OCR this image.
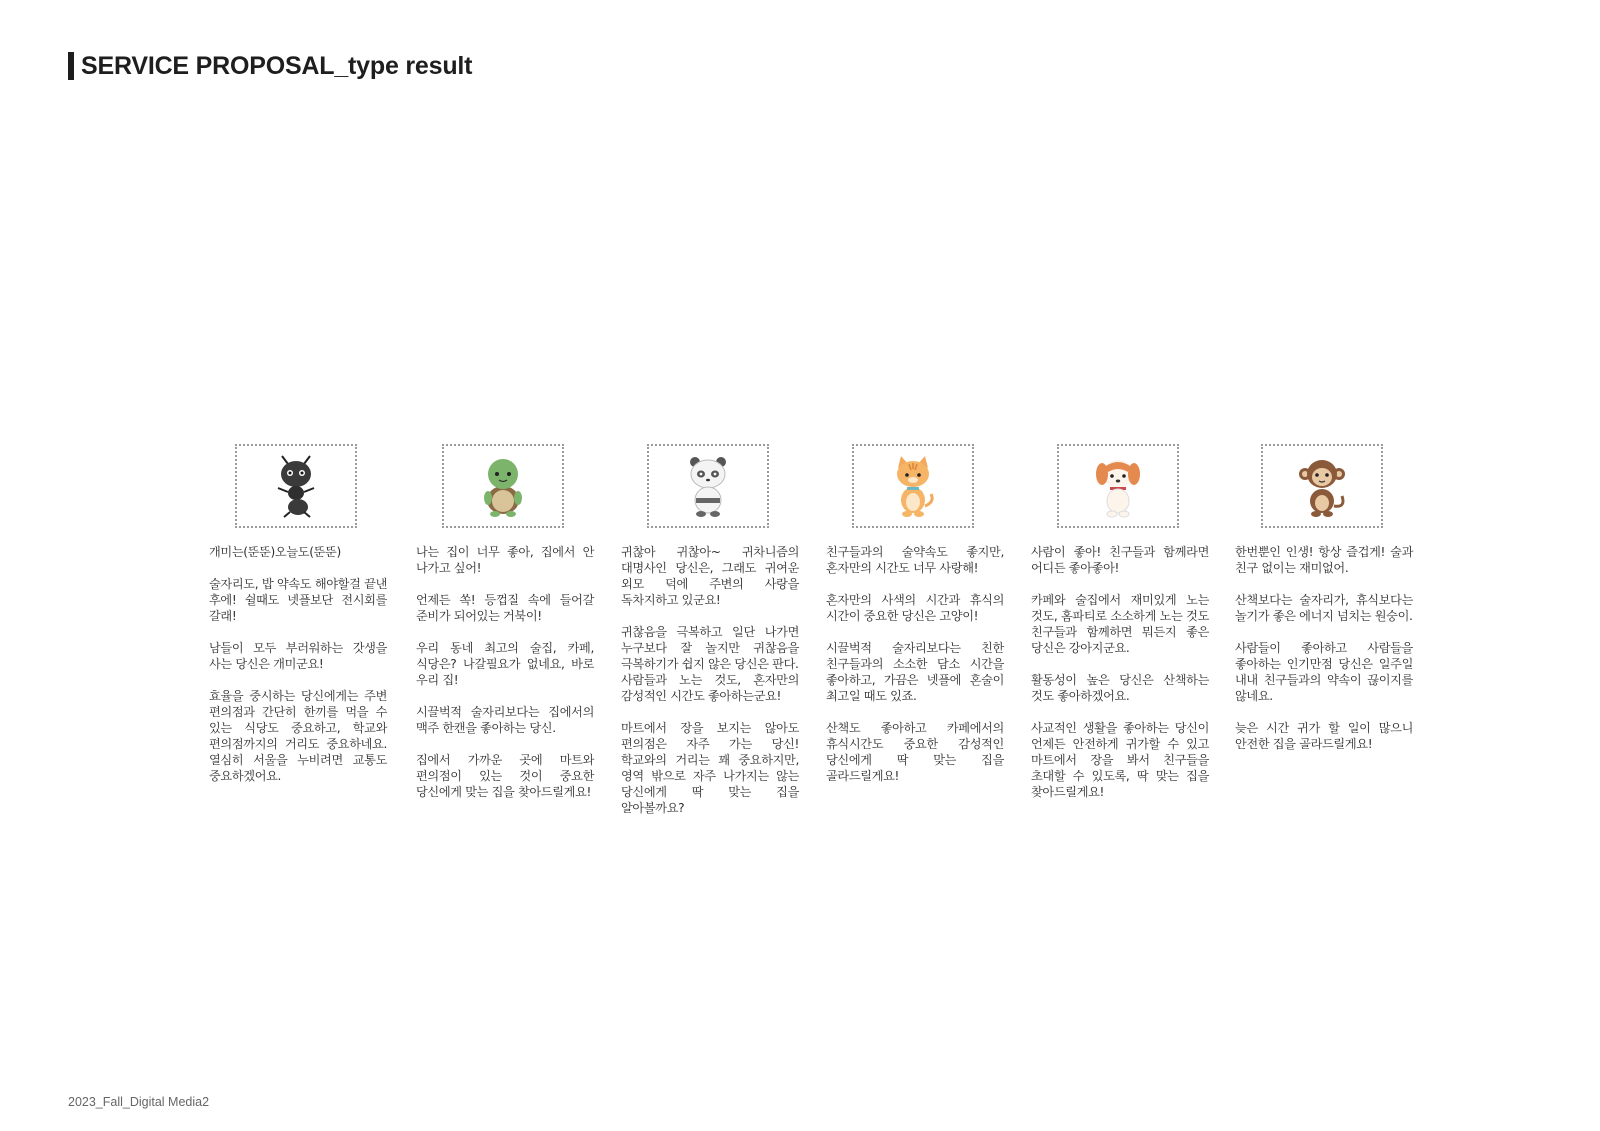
SERVICE PROPOSAL_type result
개미는(뚠뚠)오늘도(뚠뚠)

술자리도, 밥 약속도 해야할걸 끝낸 후에! 쉴때도 넷플보단 전시회를 갈래!

남들이 모두 부러워하는 갓생을 사는 당신은 개미군요!

효율을 중시하는 당신에게는 주변 편의점과 간단히 한끼를 먹을 수 있는 식당도 중요하고, 학교와 편의점까지의 거리도 중요하네요. 열심히 서울을 누비려면 교통도 중요하겠어요.
나는 집이 너무 좋아, 집에서 안 나가고 싶어!

언제든 쏙! 등껍질 속에 들어갈 준비가 되어있는 거북이!

우리 동네 최고의 술집, 카페, 식당은? 나갈필요가 없네요, 바로 우리 집!

시끌벅적 술자리보다는 집에서의 맥주 한캔을 좋아하는 당신.

집에서 가까운 곳에 마트와 편의점이 있는 것이 중요한 당신에게 맞는 집을 찾아드릴게요!
귀찮아 귀찮아~ 귀차니즘의 대명사인 당신은, 그래도 귀여운 외모 덕에 주변의 사랑을 독차지하고 있군요!

귀찮음을 극복하고 일단 나가면 누구보다 잘 놀지만 귀찮음을 극복하기가 쉽지 않은 당신은 판다.
사람들과 노는 것도, 혼자만의 감성적인 시간도 좋아하는군요!

마트에서 장을 보지는 않아도 편의점은 자주 가는 당신! 학교와의 거리는 꽤 중요하지만, 영역 밖으로 자주 나가지는 않는 당신에게 딱 맞는 집을 알아볼까요?
친구들과의 술약속도 좋지만, 혼자만의 시간도 너무 사랑해!

혼자만의 사색의 시간과 휴식의 시간이 중요한 당신은 고양이!

시끌벅적 술자리보다는 친한 친구들과의 소소한 담소 시간을 좋아하고, 가끔은 넷플에 혼술이 최고일 때도 있죠.

산책도 좋아하고 카페에서의 휴식시간도 중요한 감성적인 당신에게 딱 맞는 집을 골라드릴게요!
사람이 좋아! 친구들과 함께라면 어디든 좋아좋아!

카페와 술집에서 재미있게 노는 것도, 홈파티로 소소하게 노는 것도 친구들과 함께하면 뭐든지 좋은 당신은 강아지군요.

활동성이 높은 당신은 산책하는 것도 좋아하겠어요.

사교적인 생활을 좋아하는 당신이 언제든 안전하게 귀가할 수 있고 마트에서 장을 봐서 친구들을 초대할 수 있도록, 딱 맞는 집을 찾아드릴게요!
한번뿐인 인생! 항상 즐겁게! 술과 친구 없이는 재미없어.

산책보다는 술자리가, 휴식보다는 놀기가 좋은 에너지 넘치는 원숭이.

사람들이 좋아하고 사람들을 좋아하는 인기만점 당신은 일주일 내내 친구들과의 약속이 끊이지를 않네요.

늦은 시간 귀가 할 일이 많으니 안전한 집을 골라드릴게요!
2023_Fall_Digital Media2
